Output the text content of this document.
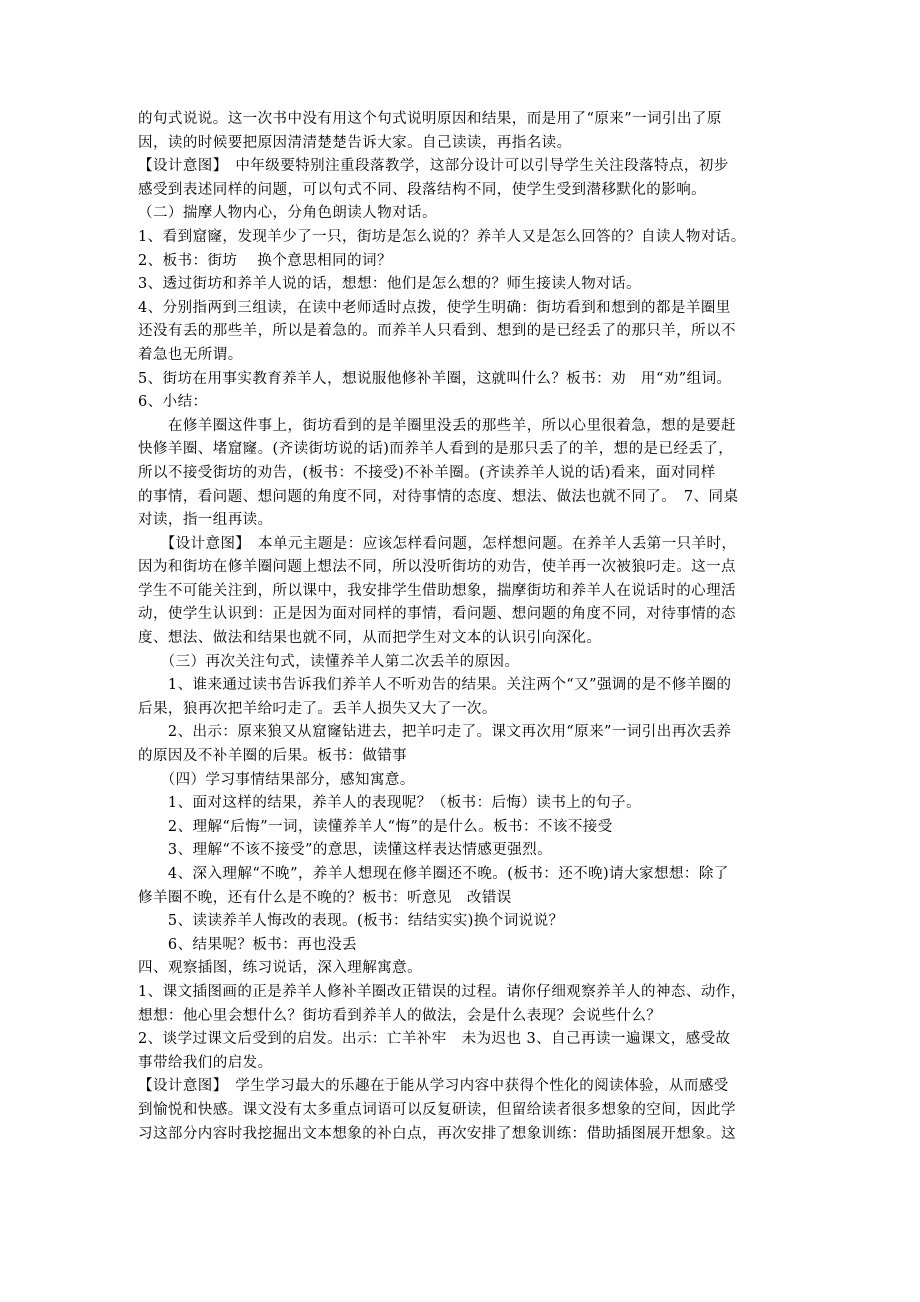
的句式说说。这一次书中没有用这个句式说明原因和结果，而是用了“原来”一词引出了原
因，读的时候要把原因清清楚楚告诉大家。自己读读，再指名读。
【设计意图】　中年级要特别注重段落教学，这部分设计可以引导学生关注段落特点，初步
感受到表述同样的问题，可以句式不同、段落结构不同，使学生受到潜移默化的影响。
（二）揣摩人物内心，分角色朗读人物对话。
1、看到窟窿，发现羊少了一只，街坊是怎么说的？养羊人又是怎么回答的？自读人物对话。
2、板书：街坊　 换个意思相同的词？
3、透过街坊和养羊人说的话，想想：他们是怎么想的？师生接读人物对话。
4、分别指两到三组读，在读中老师适时点拨，使学生明确：街坊看到和想到的都是羊圈里
还没有丢的那些羊，所以是着急的。而养羊人只看到、想到的是已经丢了的那只羊，所以不
着急也无所谓。
5、街坊在用事实教育养羊人，想说服他修补羊圈，这就叫什么？板书：劝　用“劝”组词。
6、小结：
　　在修羊圈这件事上，街坊看到的是羊圈里没丢的那些羊，所以心里很着急，想的是要赶
快修羊圈、堵窟窿。(齐读街坊说的话)而养羊人看到的是那只丢了的羊，想的是已经丢了，
所以不接受街坊的劝告，(板书：不接受)不补羊圈。(齐读养羊人说的话)看来，面对同样
的事情，看问题、想问题的角度不同，对待事情的态度、想法、做法也就不同了。　7、同桌
对读，指一组再读。
　　【设计意图】　本单元主题是：应该怎样看问题，怎样想问题。在养羊人丢第一只羊时，
因为和街坊在修羊圈问题上想法不同，所以没听街坊的劝告，使羊再一次被狼叼走。这一点
学生不可能关注到，所以课中，我安排学生借助想象，揣摩街坊和养羊人在说话时的心理活
动，使学生认识到：正是因为面对同样的事情，看问题、想问题的角度不同，对待事情的态
度、想法、做法和结果也就不同，从而把学生对文本的认识引向深化。
　　（三）再次关注句式，读懂养羊人第二次丢羊的原因。
　　1、谁来通过读书告诉我们养羊人不听劝告的结果。关注两个“又”强调的是不修羊圈的
后果，狼再次把羊给叼走了。丢羊人损失又大了一次。
　　2、出示：原来狼又从窟窿钻进去，把羊叼走了。课文再次用“原来”一词引出再次丢养
的原因及不补羊圈的后果。板书：做错事
　　（四）学习事情结果部分，感知寓意。
　　1、面对这样的结果，养羊人的表现呢？（板书：后悔）读书上的句子。
　　2、理解“后悔”一词，读懂养羊人“悔”的是什么。板书：不该不接受
　　3、理解“不该不接受”的意思，读懂这样表达情感更强烈。
　　4、深入理解“不晚”，养羊人想现在修羊圈还不晚。(板书：还不晚)请大家想想：除了
修羊圈不晚，还有什么是不晚的？板书：听意见　改错误
　　5、读读养羊人悔改的表现。(板书：结结实实)换个词说说？
　　6、结果呢？板书：再也没丢
四、观察插图，练习说话，深入理解寓意。
1、课文插图画的正是养羊人修补羊圈改正错误的过程。请你仔细观察养羊人的神态、动作，
想想：他心里会想什么？街坊看到养羊人的做法，会是什么表现？会说些什么？
2、谈学过课文后受到的启发。出示：亡羊补牢　未为迟也 3、自己再读一遍课文，感受故
事带给我们的启发。
【设计意图】　学生学习最大的乐趣在于能从学习内容中获得个性化的阅读体验，从而感受
到愉悦和快感。课文没有太多重点词语可以反复研读，但留给读者很多想象的空间，因此学
习这部分内容时我挖掘出文本想象的补白点，再次安排了想象训练：借助插图展开想象。这
